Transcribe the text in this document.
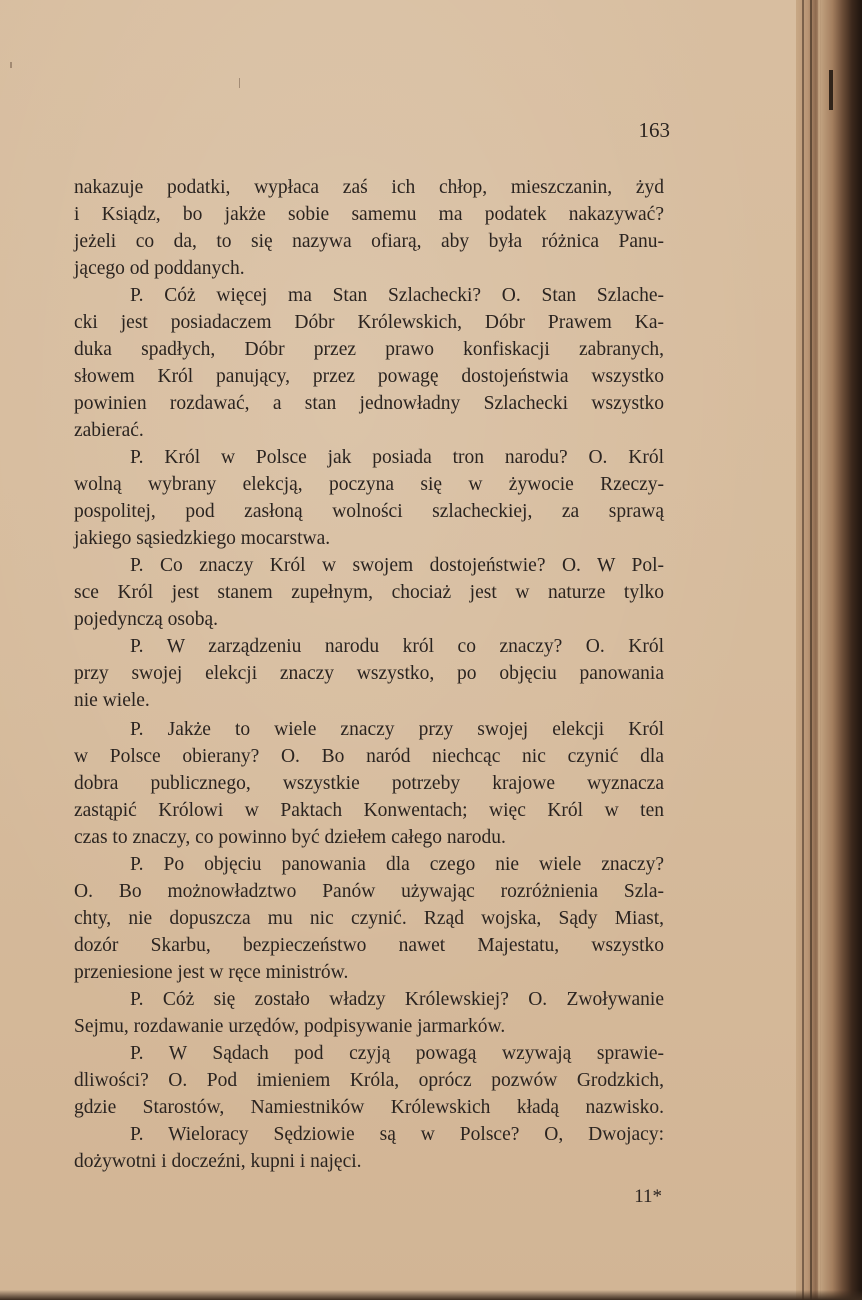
163
nakazuje podatki, wypłaca zaś ich chłop, mieszczanin, żyd
i Ksiądz, bo jakże sobie samemu ma podatek nakazywać?
jeżeli co da, to się nazywa ofiarą, aby była różnica Panu-
jącego od poddanych.
P. Cóż więcej ma Stan Szlachecki? O. Stan Szlache-
cki jest posiadaczem Dóbr Królewskich, Dóbr Prawem Ka-
duka spadłych, Dóbr przez prawo konfiskacji zabranych,
słowem Król panujący, przez powagę dostojeństwia wszystko
powinien rozdawać, a stan jednowładny Szlachecki wszystko
zabierać.
P. Król w Polsce jak posiada tron narodu? O. Król
wolną wybrany elekcją, poczyna się w żywocie Rzeczy-
pospolitej, pod zasłoną wolności szlacheckiej, za sprawą
jakiego sąsiedzkiego mocarstwa.
P. Co znaczy Król w swojem dostojeństwie? O. W Pol-
sce Król jest stanem zupełnym, chociaż jest w naturze tylko
pojedynczą osobą.
P. W zarządzeniu narodu król co znaczy? O. Król
przy swojej elekcji znaczy wszystko, po objęciu panowania
nie wiele.
P. Jakże to wiele znaczy przy swojej elekcji Król
w Polsce obierany? O. Bo naród niechcąc nic czynić dla
dobra publicznego, wszystkie potrzeby krajowe wyznacza
zastąpić Królowi w Paktach Konwentach; więc Król w ten
czas to znaczy, co powinno być dziełem całego narodu.
P. Po objęciu panowania dla czego nie wiele znaczy?
O. Bo możnowładztwo Panów używając rozróżnienia Szla-
chty, nie dopuszcza mu nic czynić. Rząd wojska, Sądy Miast,
dozór Skarbu, bezpieczeństwo nawet Majestatu, wszystko
przeniesione jest w ręce ministrów.
P. Cóż się zostało władzy Królewskiej? O. Zwoływanie
Sejmu, rozdawanie urzędów, podpisywanie jarmarków.
P. W Sądach pod czyją powagą wzywają sprawie-
dliwości? O. Pod imieniem Króla, oprócz pozwów Grodzkich,
gdzie Starostów, Namiestników Królewskich kładą nazwisko.
P. Wieloracy Sędziowie są w Polsce? O, Dwojacy:
dożywotni i doczeźni, kupni i najęci.
11*
